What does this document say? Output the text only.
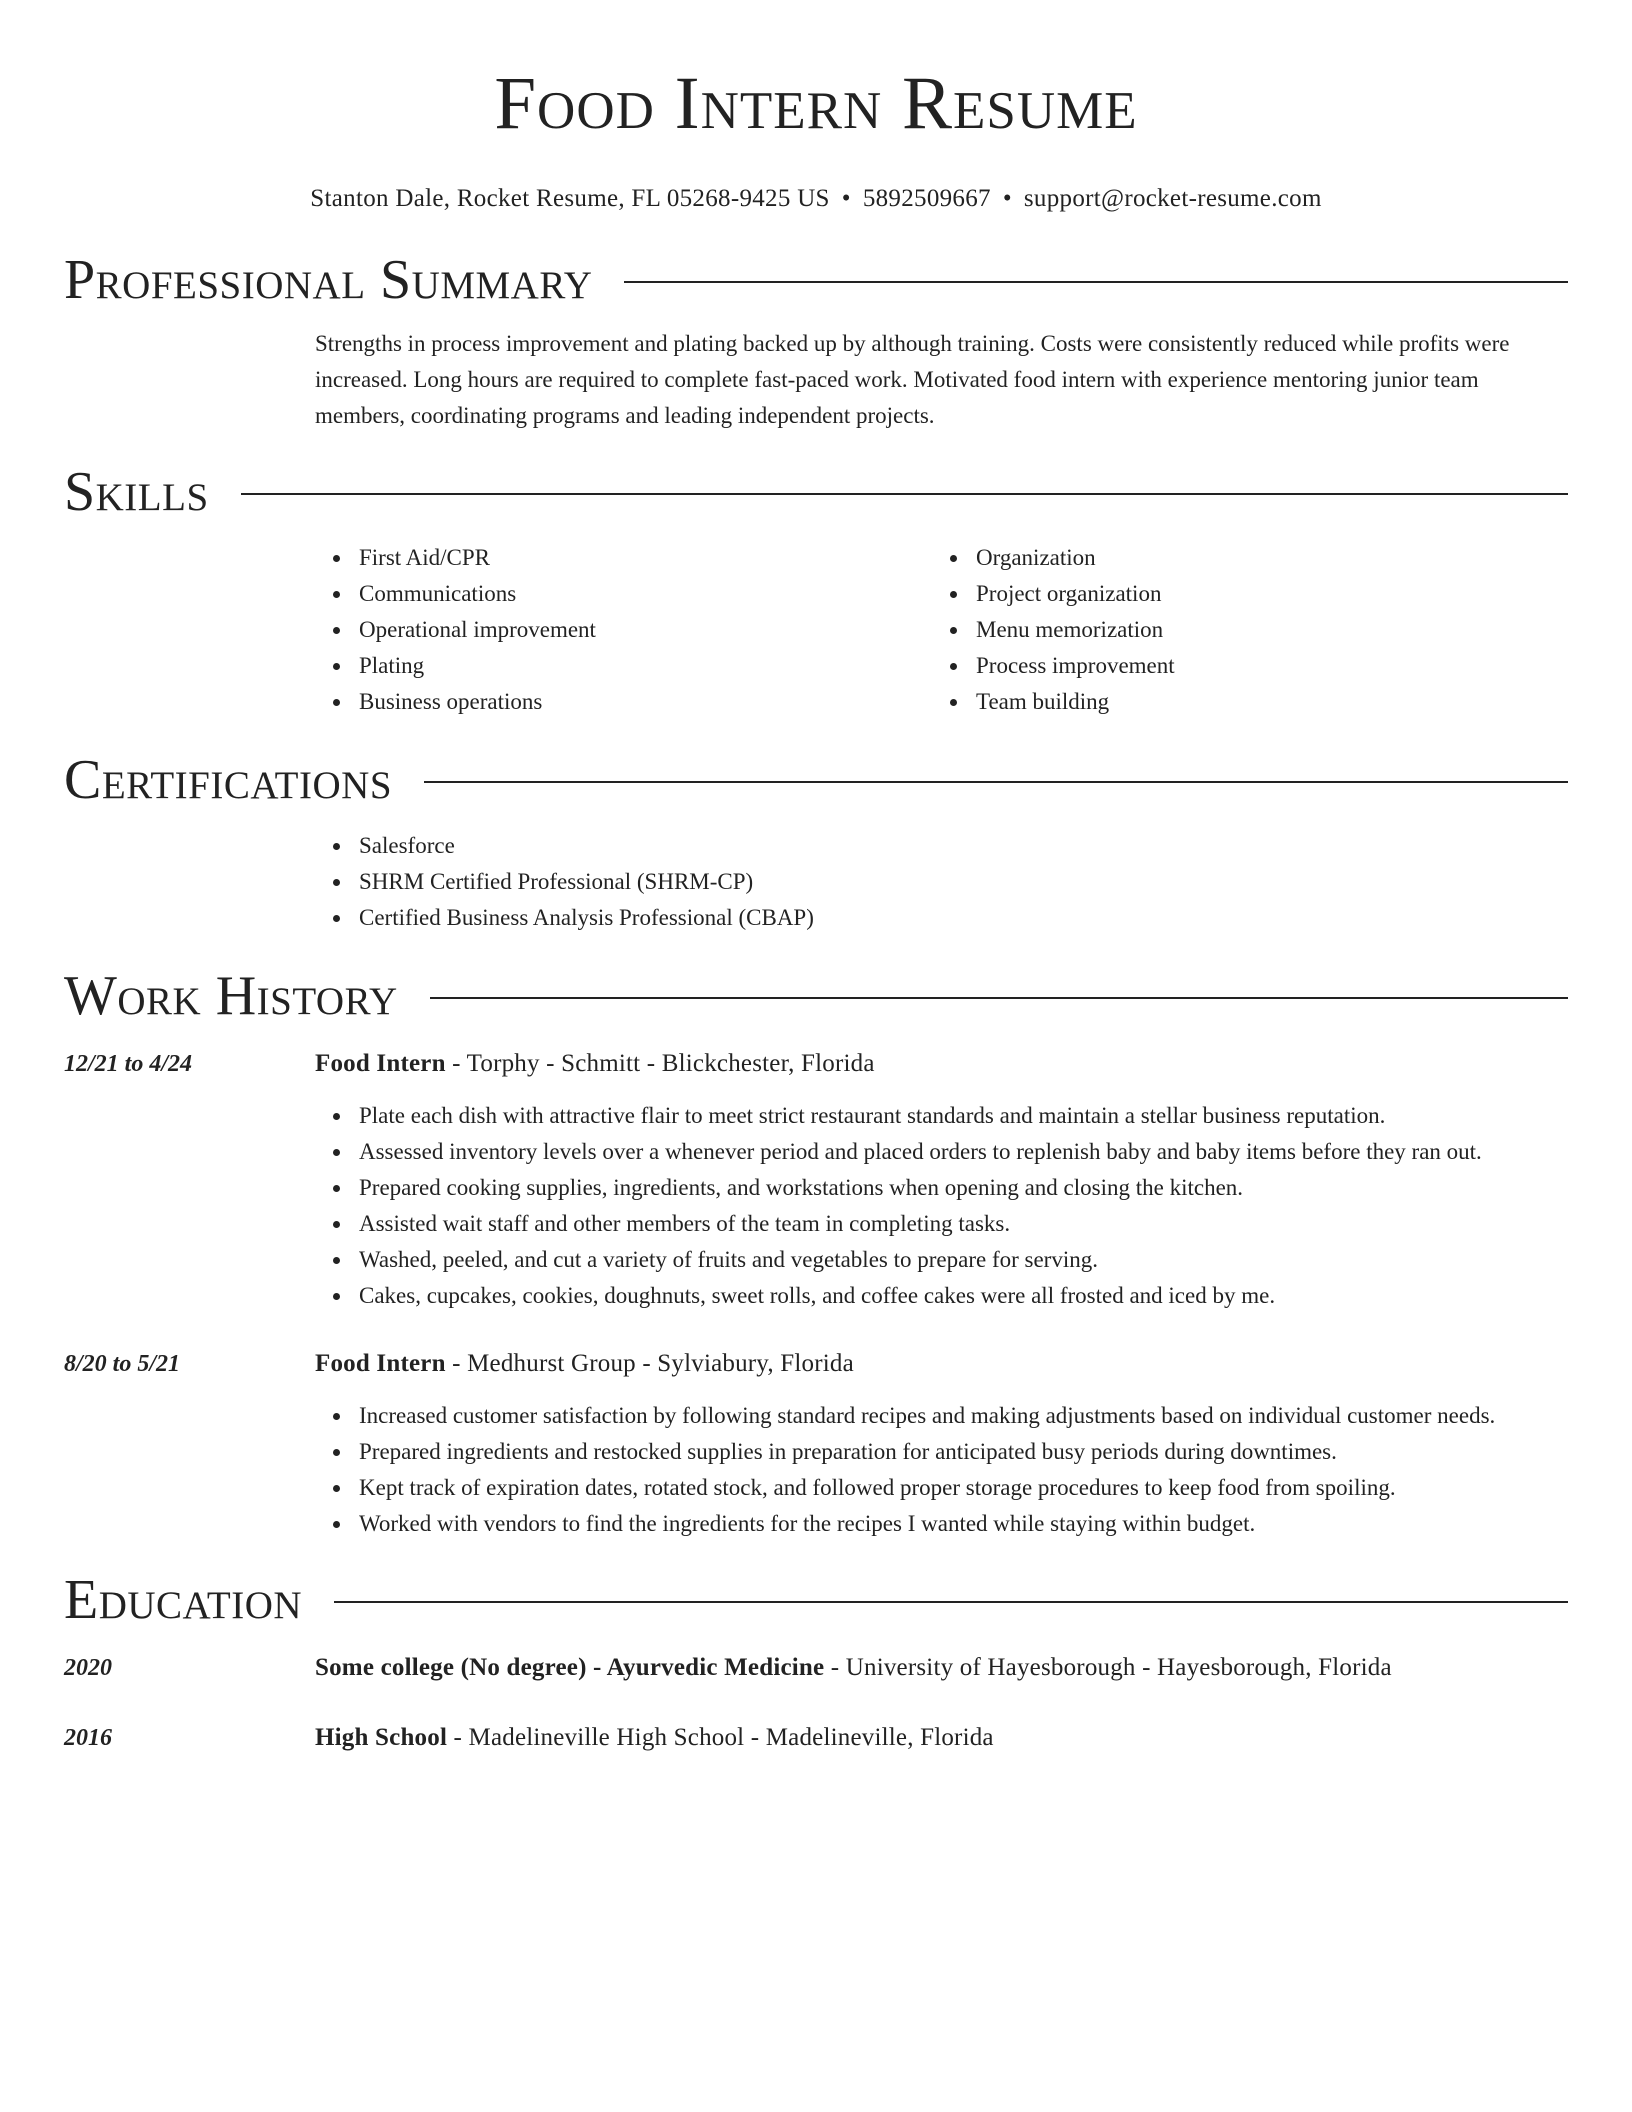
Food Intern Resume
Stanton Dale, Rocket Resume, FL 05268-9425 US • 5892509667 • support@rocket-resume.com
Professional Summary

Strengths in process improvement and plating backed up by although training. Costs were consistently reduced while profits were increased. Long hours are required to complete fast-paced work. Motivated food intern with experience mentoring junior team members, coordinating programs and leading independent projects.

Skills
First Aid/CPR
Communications
Operational improvement
Plating
Business operations
Organization
Project organization
Menu memorization
Process improvement
Team building
Certifications
Salesforce
SHRM Certified Professional (SHRM-CP)
Certified Business Analysis Professional (CBAP)
Work History
12/21 to 4/24	Food Intern - Torphy - Schmitt - Blickchester, Florida
Plate each dish with attractive flair to meet strict restaurant standards and maintain a stellar business reputation.
Assessed inventory levels over a whenever period and placed orders to replenish baby and baby items before they ran out.
Prepared cooking supplies, ingredients, and workstations when opening and closing the kitchen.
Assisted wait staff and other members of the team in completing tasks.
Washed, peeled, and cut a variety of fruits and vegetables to prepare for serving.
Cakes, cupcakes, cookies, doughnuts, sweet rolls, and coffee cakes were all frosted and iced by me.
8/20 to 5/21	Food Intern - Medhurst Group - Sylviabury, Florida
Increased customer satisfaction by following standard recipes and making adjustments based on individual customer needs.
Prepared ingredients and restocked supplies in preparation for anticipated busy periods during downtimes.
Kept track of expiration dates, rotated stock, and followed proper storage procedures to keep food from spoiling.
Worked with vendors to find the ingredients for the recipes I wanted while staying within budget.
Education
2020	Some college (No degree) - Ayurvedic Medicine - University of Hayesborough - Hayesborough, Florida
2016	High School - Madelineville High School - Madelineville, Florida
